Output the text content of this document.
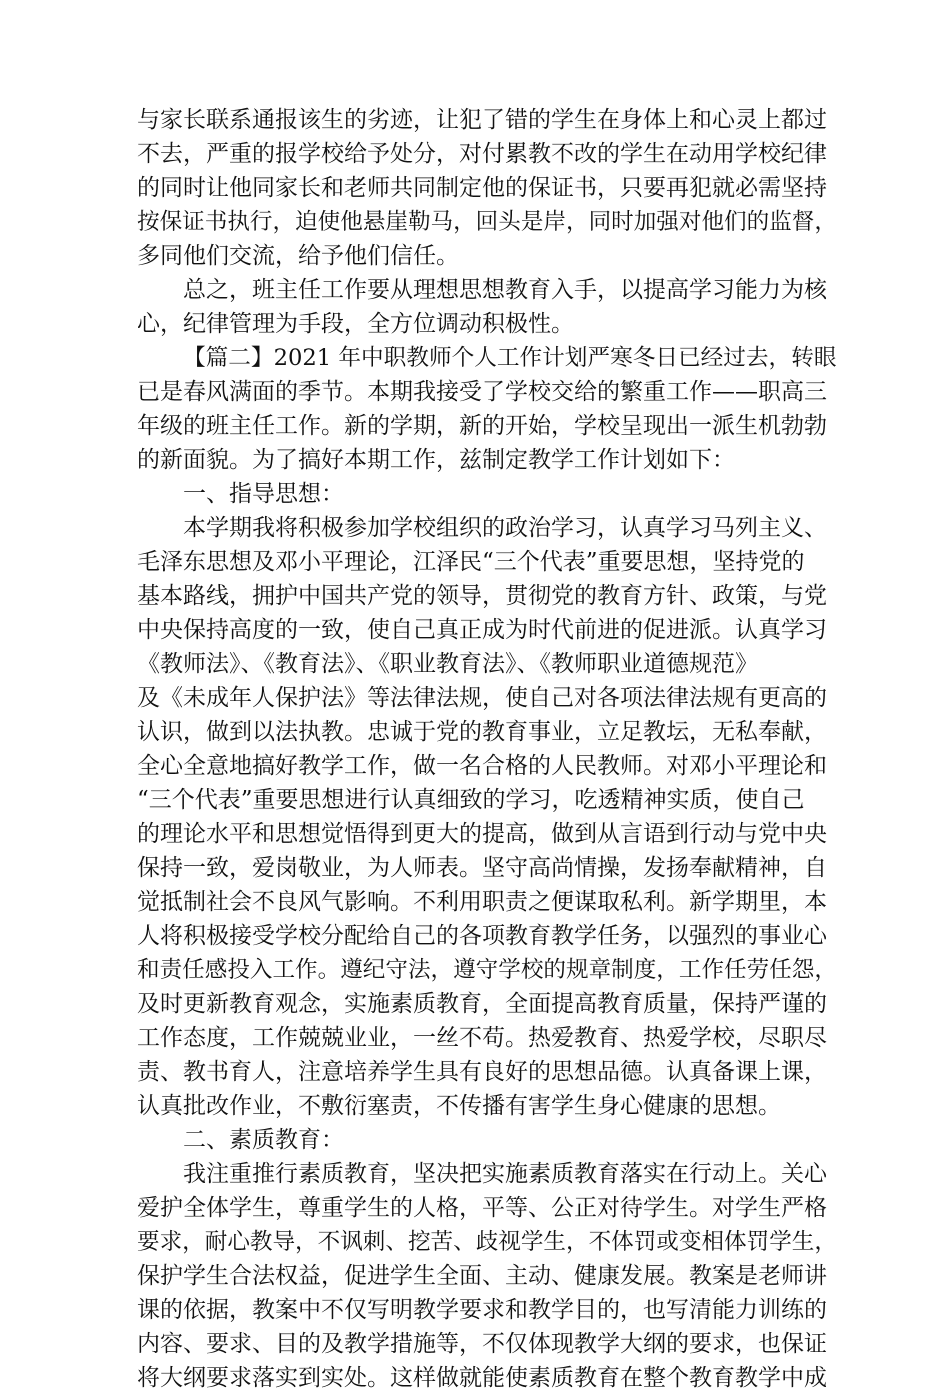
与家长联系通报该生的劣迹，让犯了错的学生在身体上和心灵上都过
不去，严重的报学校给予处分，对付累教不改的学生在动用学校纪律
的同时让他同家长和老师共同制定他的保证书，只要再犯就必需坚持
按保证书执行，迫使他悬崖勒马，回头是岸，同时加强对他们的监督，
多同他们交流，给予他们信任。
总之，班主任工作要从理想思想教育入手，以提高学习能力为核
心，纪律管理为手段，全方位调动积极性。
【篇二】2021 年中职教师个人工作计划严寒冬日已经过去，转眼
已是春风满面的季节。本期我接受了学校交给的繁重工作——职高三
年级的班主任工作。新的学期，新的开始，学校呈现出一派生机勃勃
的新面貌。为了搞好本期工作，兹制定教学工作计划如下：
一、指导思想：
本学期我将积极参加学校组织的政治学习，认真学习马列主义、
毛泽东思想及邓小平理论，江泽民“三个代表”重要思想，坚持党的
基本路线，拥护中国共产党的领导，贯彻党的教育方针、政策，与党
中央保持高度的一致，使自己真正成为时代前进的促进派。认真学习
《教师法》、《教育法》、《职业教育法》、《教师职业道德规范》
及《未成年人保护法》等法律法规，使自己对各项法律法规有更高的
认识，做到以法执教。忠诚于党的教育事业，立足教坛，无私奉献，
全心全意地搞好教学工作，做一名合格的人民教师。对邓小平理论和
“三个代表”重要思想进行认真细致的学习，吃透精神实质，使自己
的理论水平和思想觉悟得到更大的提高，做到从言语到行动与党中央
保持一致，爱岗敬业，为人师表。坚守高尚情操，发扬奉献精神，自
觉抵制社会不良风气影响。不利用职责之便谋取私利。新学期里，本
人将积极接受学校分配给自己的各项教育教学任务，以强烈的事业心
和责任感投入工作。遵纪守法，遵守学校的规章制度，工作任劳任怨，
及时更新教育观念，实施素质教育，全面提高教育质量，保持严谨的
工作态度，工作兢兢业业，一丝不苟。热爱教育、热爱学校，尽职尽
责、教书育人，注意培养学生具有良好的思想品德。认真备课上课，
认真批改作业，不敷衍塞责，不传播有害学生身心健康的思想。
二、素质教育：
我注重推行素质教育，坚决把实施素质教育落实在行动上。关心
爱护全体学生，尊重学生的人格，平等、公正对待学生。对学生严格
要求，耐心教导，不讽刺、挖苦、歧视学生，不体罚或变相体罚学生，
保护学生合法权益，促进学生全面、主动、健康发展。教案是老师讲
课的依据，教案中不仅写明教学要求和教学目的，也写清能力训练的
内容、要求、目的及教学措施等，不仅体现教学大纲的要求，也保证
将大纲要求落实到实处。这样做就能使素质教育在整个教育教学中成
